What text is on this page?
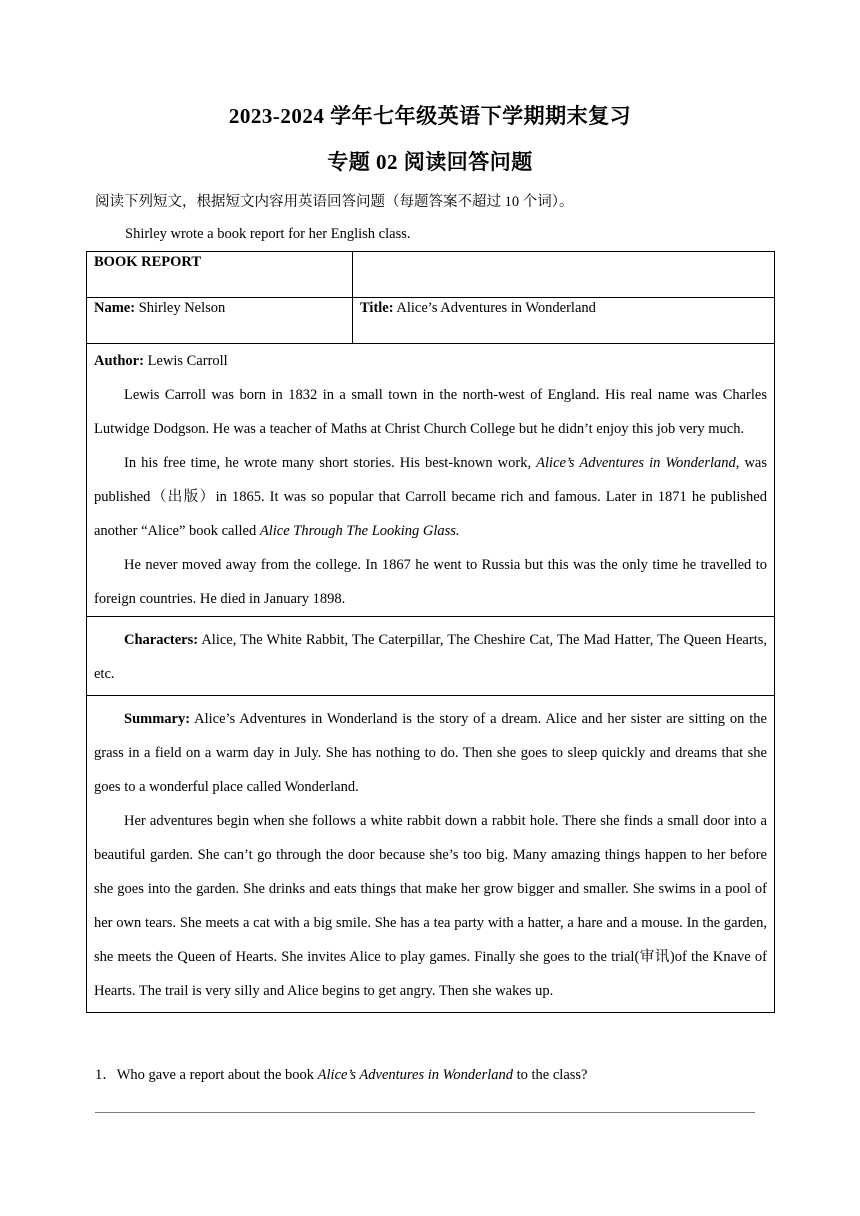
2023-2024 学年七年级英语下学期期末复习
专题 02 阅读回答问题
阅读下列短文，根据短文内容用英语回答问题（每题答案不超过 10 个词）。
Shirley wrote a book report for her English class.
BOOK REPORT	

Name: Shirley Nelson	Title: Alice’s Adventures in Wonderland

Author: Lewis Carroll

Lewis Carroll was born in 1832 in a small town in the north-west of England. His real name was Charles Lutwidge Dodgson. He was a teacher of Maths at Christ Church College but he didn’t enjoy this job very much.

In his free time, he wrote many short stories. His best-known work, Alice’s Adventures in Wonderland, was published（出版）in 1865. It was so popular that Carroll became rich and famous. Later in 1871 he published another “Alice” book called Alice Through The Looking Glass.

He never moved away from the college. In 1867 he went to Russia but this was the only time he travelled to foreign countries. He died in January 1898.	

Characters: Alice, The White Rabbit, The Caterpillar, The Cheshire Cat, The Mad Hatter, The Queen Hearts, etc.	

Summary: Alice’s Adventures in Wonderland is the story of a dream. Alice and her sister are sitting on the grass in a field on a warm day in July. She has nothing to do. Then she goes to sleep quickly and dreams that she goes to a wonderful place called Wonderland.

Her adventures begin when she follows a white rabbit down a rabbit hole. There she finds a small door into a beautiful garden. She can’t go through the door because she’s too big. Many amazing things happen to her before she goes into the garden. She drinks and eats things that make her grow bigger and smaller. She swims in a pool of her own tears. She meets a cat with a big smile. She has a tea party with a hatter, a hare and a mouse. In the garden, she meets the Queen of Hearts. She invites Alice to play games. Finally she goes to the trial(审讯)of the Knave of Hearts. The trail is very silly and Alice begins to get angry. Then she wakes up.	

1．Who gave a report about the book Alice’s Adventures in Wonderland to the class?
